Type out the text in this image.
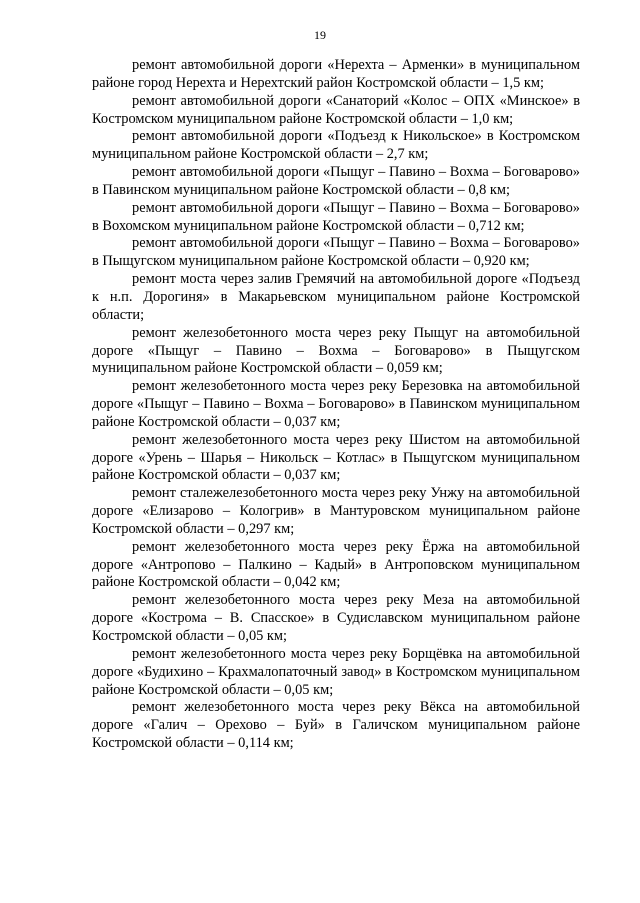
19

ремонт автомобильной дороги «Нерехта – Арменки» в муниципальном районе город Нерехта и Нерехтский район Костромской области – 1,5 км;

ремонт автомобильной дороги «Санаторий «Колос – ОПХ «Минское» в Костромском муниципальном районе Костромской области – 1,0 км;

ремонт автомобильной дороги «Подъезд к Никольское» в Костромском муниципальном районе Костромской области – 2,7 км;

ремонт автомобильной дороги «Пыщуг – Павино – Вохма – Боговарово» в Павинском муниципальном районе Костромской области – 0,8 км;

ремонт автомобильной дороги «Пыщуг – Павино – Вохма – Боговарово» в Вохомском муниципальном районе Костромской области – 0,712 км;

ремонт автомобильной дороги «Пыщуг – Павино – Вохма – Боговарово» в Пыщугском муниципальном районе Костромской области – 0,920 км;

ремонт моста через залив Гремячий на автомобильной дороге «Подъезд к н.п. Дорогиня» в Макарьевском муниципальном районе Костромской области;

ремонт железобетонного моста через реку Пыщуг на автомобильной дороге «Пыщуг – Павино – Вохма – Боговарово» в Пыщугском муниципальном районе Костромской области – 0,059 км;

ремонт железобетонного моста через реку Березовка на автомобильной дороге «Пыщуг – Павино – Вохма – Боговарово» в Павинском муниципальном районе Костромской области – 0,037 км;

ремонт железобетонного моста через реку Шистом на автомобильной дороге «Урень – Шарья – Никольск – Котлас» в Пыщугском муниципальном районе Костромской области – 0,037 км;

ремонт сталежелезобетонного моста через реку Унжу на автомобильной дороге «Елизарово – Кологрив» в Мантуровском муниципальном районе Костромской области – 0,297 км;

ремонт железобетонного моста через реку Ёржа на автомобильной дороге «Антропово – Палкино – Кадый» в Антроповском муниципальном районе Костромской области – 0,042 км;

ремонт железобетонного моста через реку Меза на автомобильной дороге «Кострома – В. Спасское» в Судиславском муниципальном районе Костромской области – 0,05 км;

ремонт железобетонного моста через реку Борщёвка на автомобильной дороге «Будихино – Крахмалопаточный завод» в Костромском муниципальном районе Костромской области – 0,05 км;

ремонт железобетонного моста через реку Вёкса на автомобильной дороге «Галич – Орехово – Буй» в Галичском муниципальном районе Костромской области – 0,114 км;
